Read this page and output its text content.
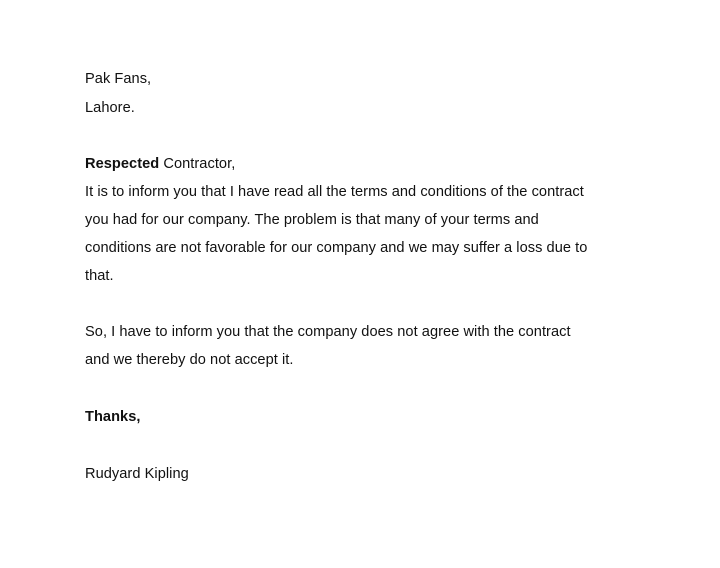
Pak Fans,
Lahore.
Respected Contractor,
It is to inform you that I have read all the terms and conditions of the contract
you had for our company. The problem is that many of your terms and
conditions are not favorable for our company and we may suffer a loss due to
that.
So, I have to inform you that the company does not agree with the contract
and we thereby do not accept it.
Thanks,
Rudyard Kipling
